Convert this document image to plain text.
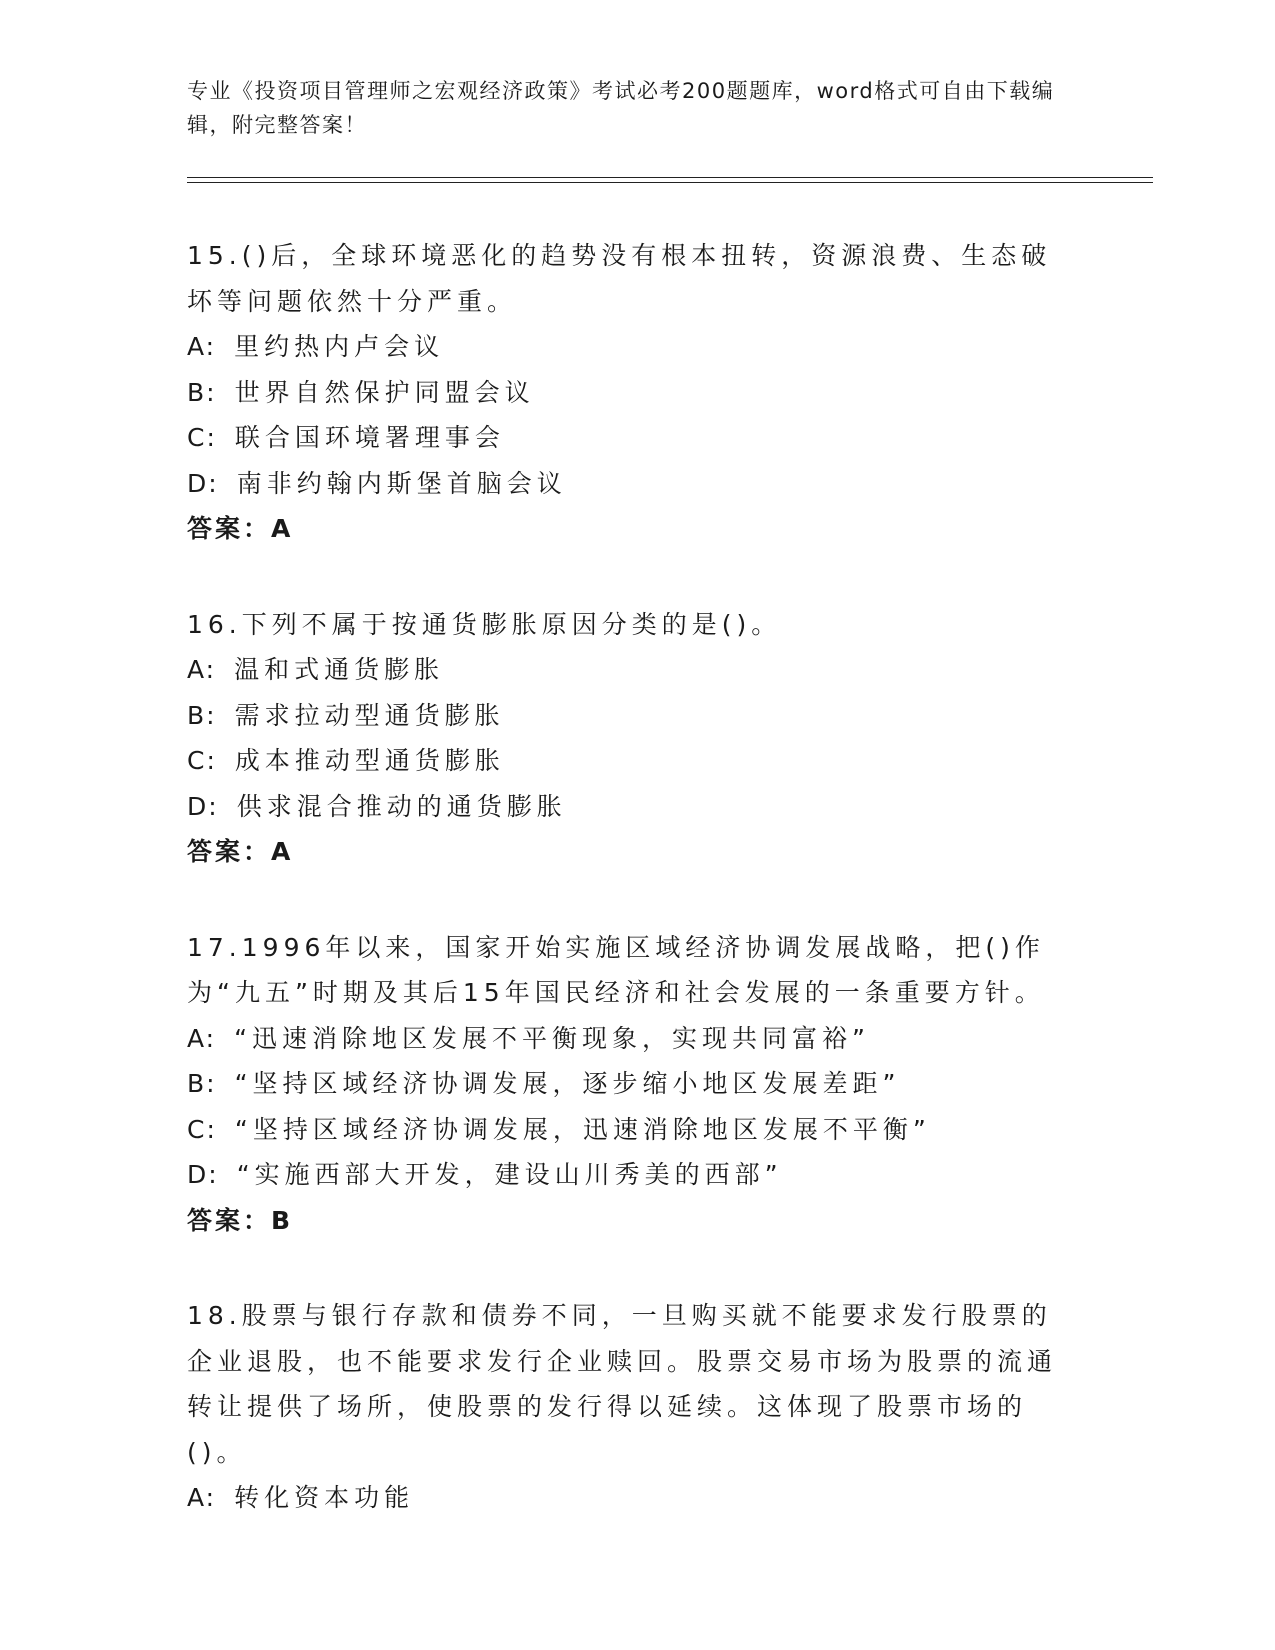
专业《投资项目管理师之宏观经济政策》考试必考200题题库，word格式可自由下载编辑，附完整答案！
15.()后，全球环境恶化的趋势没有根本扭转，资源浪费、生态破坏等问题依然十分严重。
A: 里约热内卢会议
B: 世界自然保护同盟会议
C: 联合国环境署理事会
D: 南非约翰内斯堡首脑会议
答案：A
16.下列不属于按通货膨胀原因分类的是()。
A: 温和式通货膨胀
B: 需求拉动型通货膨胀
C: 成本推动型通货膨胀
D: 供求混合推动的通货膨胀
答案：A
17.1996年以来，国家开始实施区域经济协调发展战略，把()作为“九五”时期及其后15年国民经济和社会发展的一条重要方针。
A: “迅速消除地区发展不平衡现象，实现共同富裕”
B: “坚持区域经济协调发展，逐步缩小地区发展差距”
C: “坚持区域经济协调发展，迅速消除地区发展不平衡”
D: “实施西部大开发，建设山川秀美的西部”
答案：B
18.股票与银行存款和债券不同，一旦购买就不能要求发行股票的企业退股，也不能要求发行企业赎回。股票交易市场为股票的流通转让提供了场所，使股票的发行得以延续。这体现了股票市场的()。
A: 转化资本功能
